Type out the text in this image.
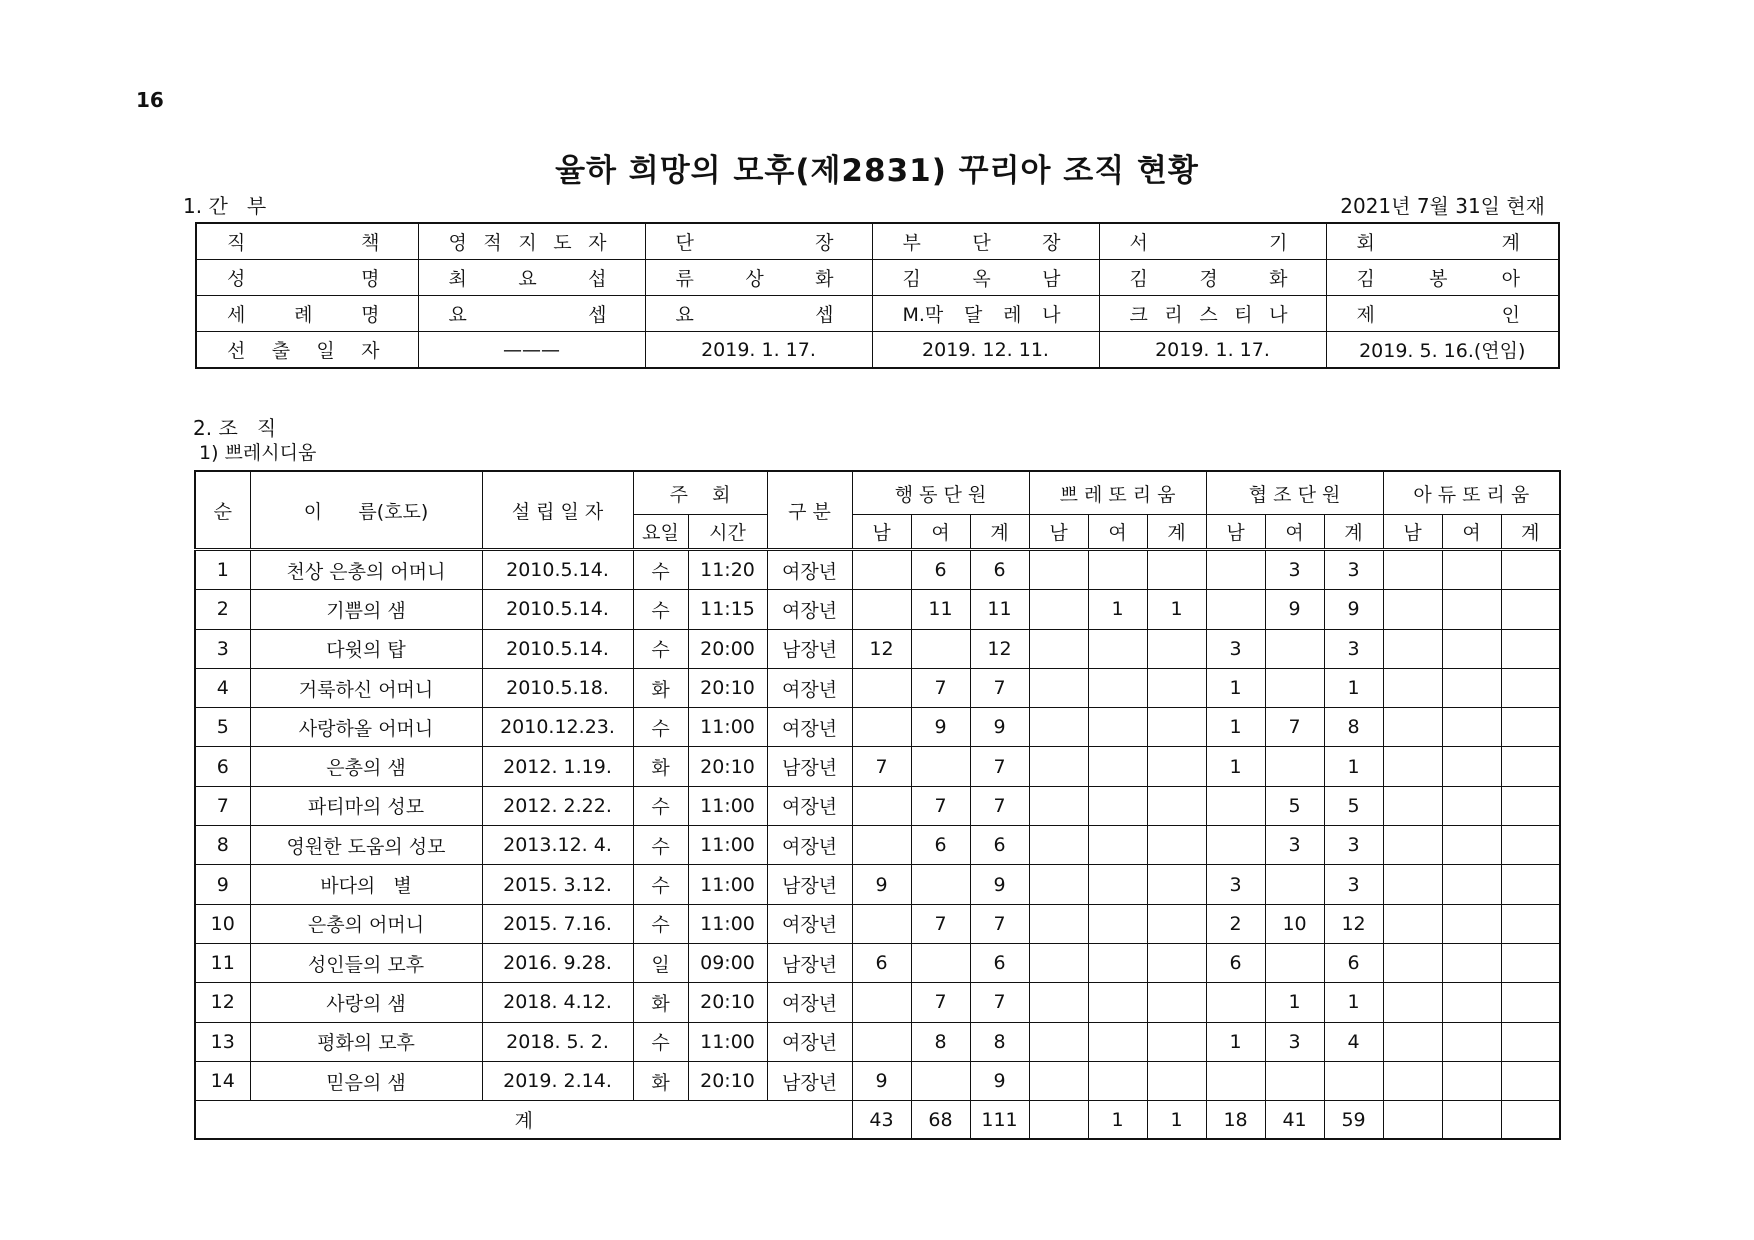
16
율하 희망의 모후(제2831) 꾸리아 조직 현황
1. 간   부	2021년 7월 31일 현재
직 책	영 적 지 도 자	단 장	부 단 장	서 기	회 계
성 명	최 요 섭	류 상 화	김 옥 남	김 경 화	김 봉 아
세 례 명	요 셉	요 셉	M.막 달 레 나	크 리 스 티 나	제 인
선 출 일 자	———	2019. 1. 17.	2019. 12. 11.	2019. 1. 17.	2019. 5. 16.(연임)
2. 조   직
1) 쁘레시디움
순	이      름(호도)	설 립 일 자	주    회		구 분	행 동 단 원			쁘 레 또 리 움			협 조 단 원			아 듀 또 리 움		
			요일	시간		남	여	계	남	여	계	남	여	계	남	여	계
1	천상 은총의 어머니	2010.5.14.	수	11:20	여장년		6	6					3	3			
2	기쁨의 샘	2010.5.14.	수	11:15	여장년		11	11		1	1		9	9			
3	다윗의 탑	2010.5.14.	수	20:00	남장년	12		12				3		3			
4	거룩하신 어머니	2010.5.18.	화	20:10	여장년		7	7				1		1			
5	사랑하올 어머니	2010.12.23.	수	11:00	여장년		9	9				1	7	8			
6	은총의 샘	2012. 1.19.	화	20:10	남장년	7		7				1		1			
7	파티마의 성모	2012. 2.22.	수	11:00	여장년		7	7					5	5			
8	영원한 도움의 성모	2013.12. 4.	수	11:00	여장년		6	6					3	3			
9	바다의   별	2015. 3.12.	수	11:00	남장년	9		9				3		3			
10	은총의 어머니	2015. 7.16.	수	11:00	여장년		7	7				2	10	12			
11	성인들의 모후	2016. 9.28.	일	09:00	남장년	6		6				6		6			
12	사랑의 샘	2018. 4.12.	화	20:10	여장년		7	7					1	1			
13	평화의 모후	2018. 5. 2.	수	11:00	여장년		8	8				1	3	4			
14	믿음의 샘	2019. 2.14.	화	20:10	남장년	9		9									
계						43	68	111		1	1	18	41	59			
